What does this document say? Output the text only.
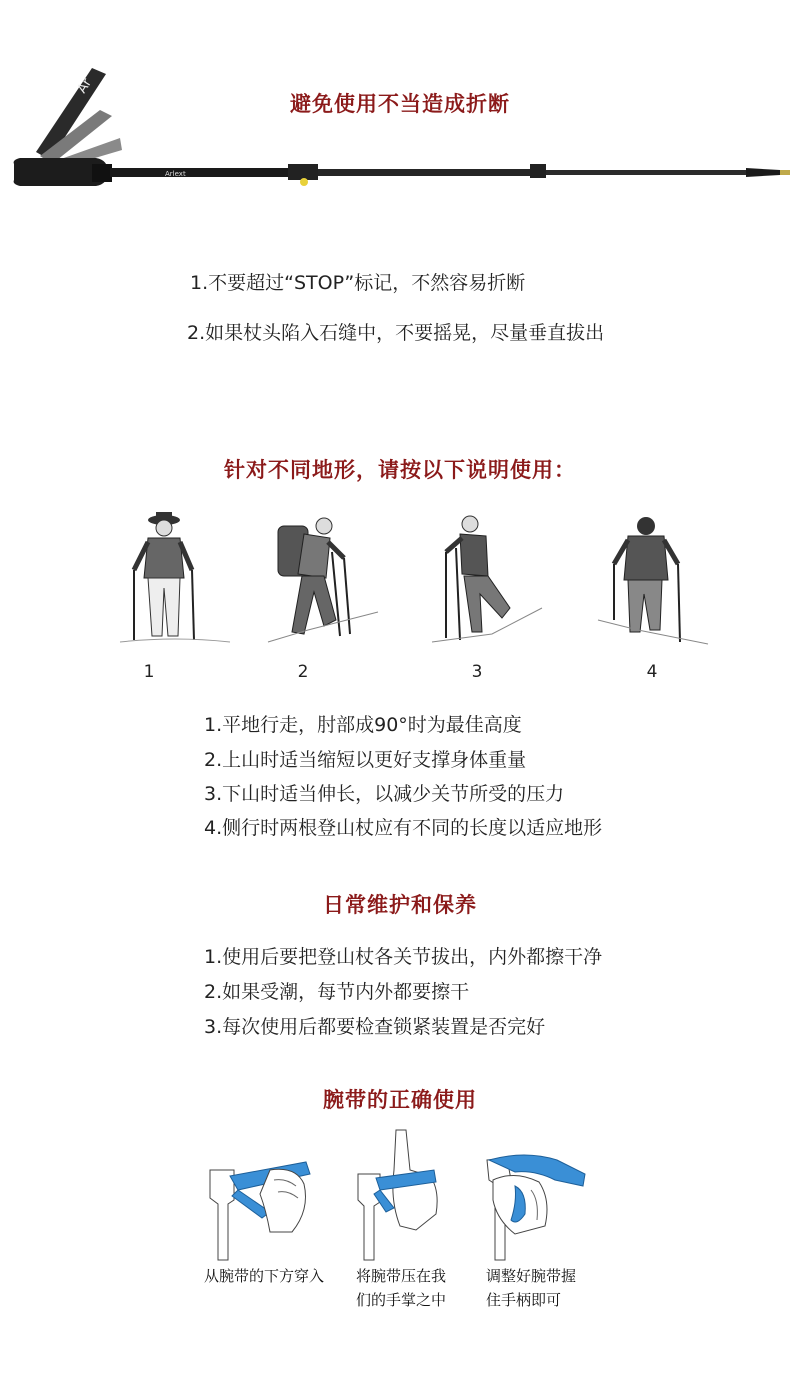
避免使用不当造成折断
Ar
Arlext
1.不要超过“STOP”标记，不然容易折断
2.如果杖头陷入石缝中，不要摇晃，尽量垂直拔出
针对不同地形，请按以下说明使用：
1	2	3	4
1.平地行走，肘部成90°时为最佳高度
2.上山时适当缩短以更好支撑身体重量
3.下山时适当伸长，以减少关节所受的压力
4.侧行时两根登山杖应有不同的长度以适应地形
日常维护和保养
1.使用后要把登山杖各关节拔出，内外都擦干净
2.如果受潮，每节内外都要擦干
3.每次使用后都要检查锁紧装置是否完好
腕带的正确使用
从腕带的下方穿入 将腕带压在我
们的手掌之中
调整好腕带握
住手柄即可
